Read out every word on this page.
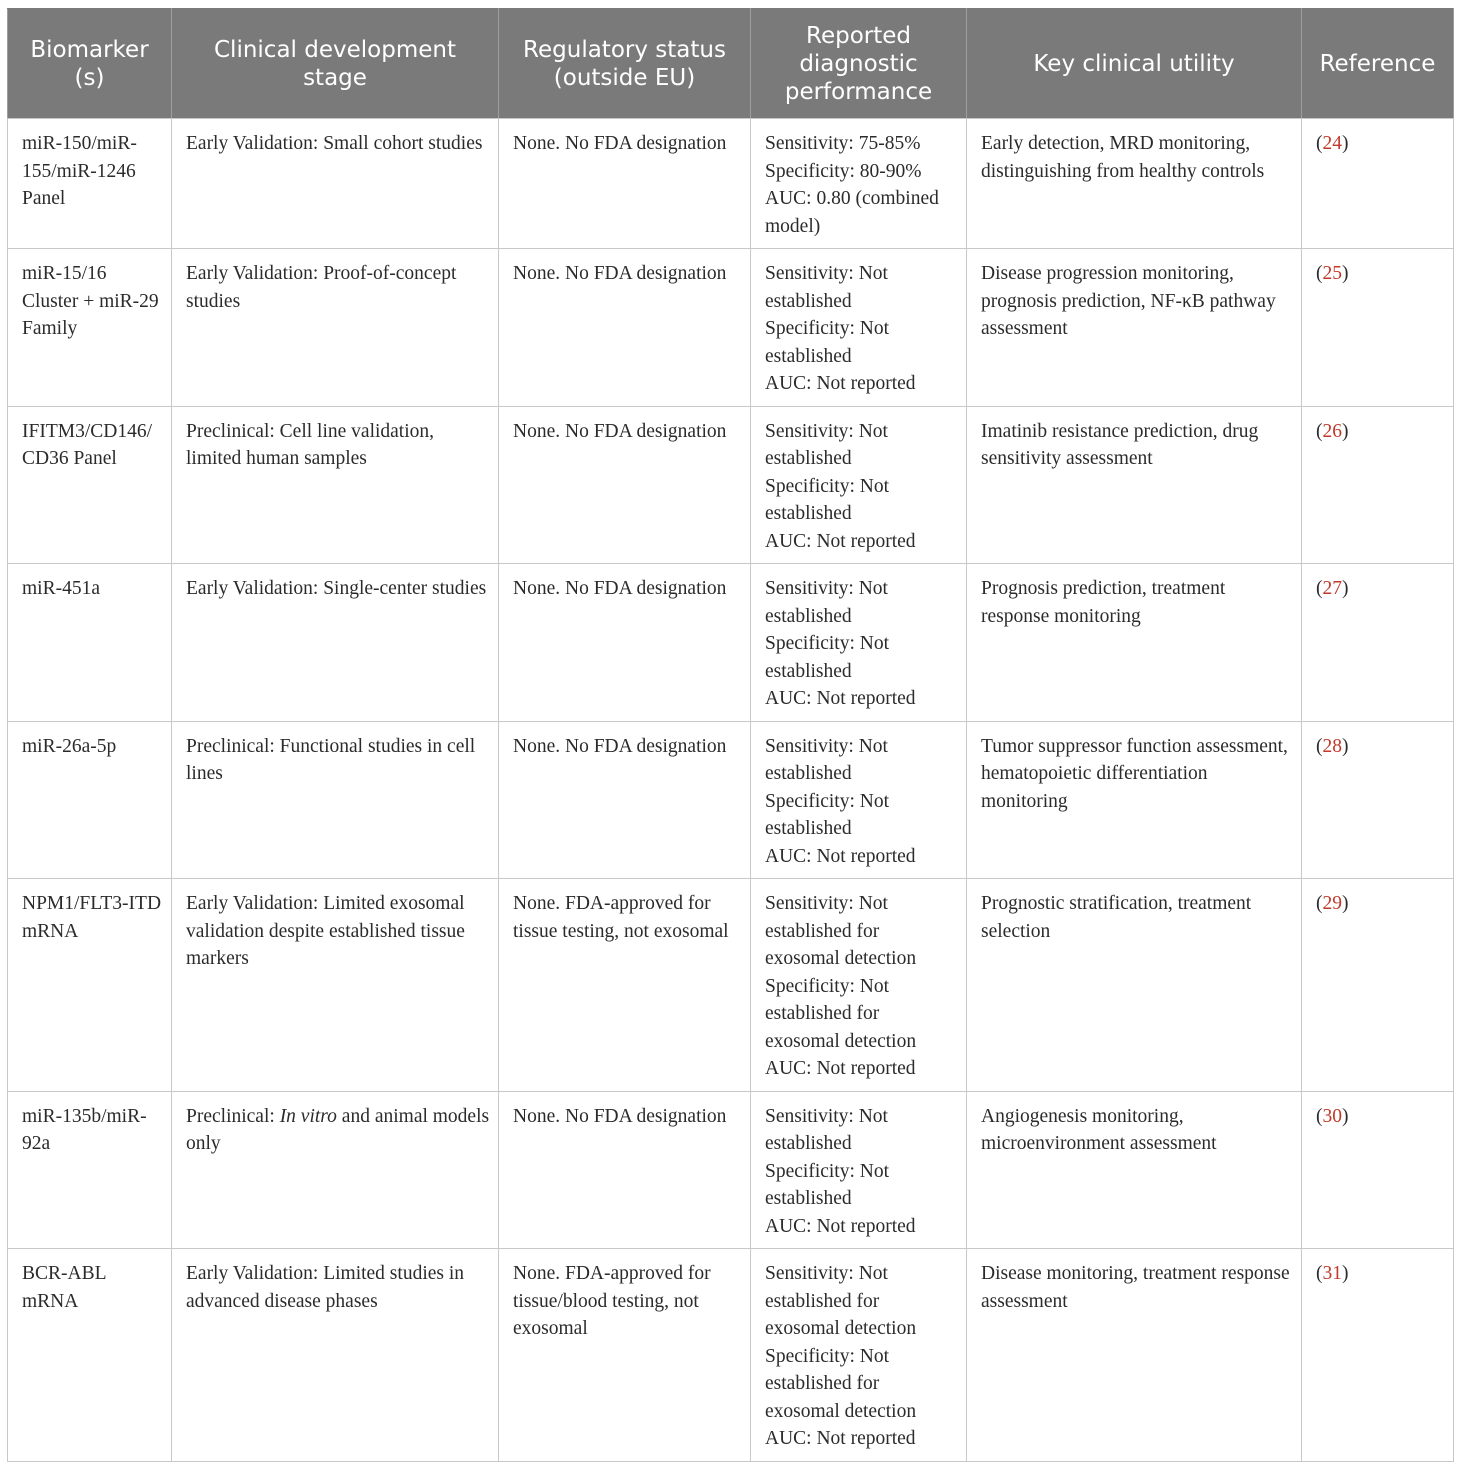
Biomarker (s)	Clinical development stage	Regulatory status (outside EU)	Reported diagnostic performance	Key clinical utility	Reference
miR-150/miR-155/miR-1246 Panel	Early Validation: Small cohort studies	None. No FDA designation	Sensitivity: 75-85%
Specificity: 80-90%
AUC: 0.80 (combined model)	Early detection, MRD monitoring, distinguishing from healthy controls	(24)
miR-15/16 Cluster + miR-29 Family	Early Validation: Proof-of-concept studies	None. No FDA designation	Sensitivity: Not established
Specificity: Not established
AUC: Not reported	Disease progression monitoring, prognosis prediction, NF-κB pathway assessment	(25)
IFITM3/CD146/CD36 Panel	Preclinical: Cell line validation, limited human samples	None. No FDA designation	Sensitivity: Not established
Specificity: Not established
AUC: Not reported	Imatinib resistance prediction, drug sensitivity assessment	(26)
miR-451a	Early Validation: Single-center studies	None. No FDA designation	Sensitivity: Not established
Specificity: Not established
AUC: Not reported	Prognosis prediction, treatment response monitoring	(27)
miR-26a-5p	Preclinical: Functional studies in cell lines	None. No FDA designation	Sensitivity: Not established
Specificity: Not established
AUC: Not reported	Tumor suppressor function assessment, hematopoietic differentiation monitoring	(28)
NPM1/FLT3-ITD mRNA	Early Validation: Limited exosomal validation despite established tissue markers	None. FDA-approved for tissue testing, not exosomal	Sensitivity: Not established for exosomal detection
Specificity: Not established for exosomal detection
AUC: Not reported	Prognostic stratification, treatment selection	(29)
miR-135b/miR-92a	Preclinical: In vitro and animal models only	None. No FDA designation	Sensitivity: Not established
Specificity: Not established
AUC: Not reported	Angiogenesis monitoring, microenvironment assessment	(30)
BCR-ABL mRNA	Early Validation: Limited studies in advanced disease phases	None. FDA-approved for tissue/blood testing, not exosomal	Sensitivity: Not established for exosomal detection
Specificity: Not established for exosomal detection
AUC: Not reported	Disease monitoring, treatment response assessment	(31)
